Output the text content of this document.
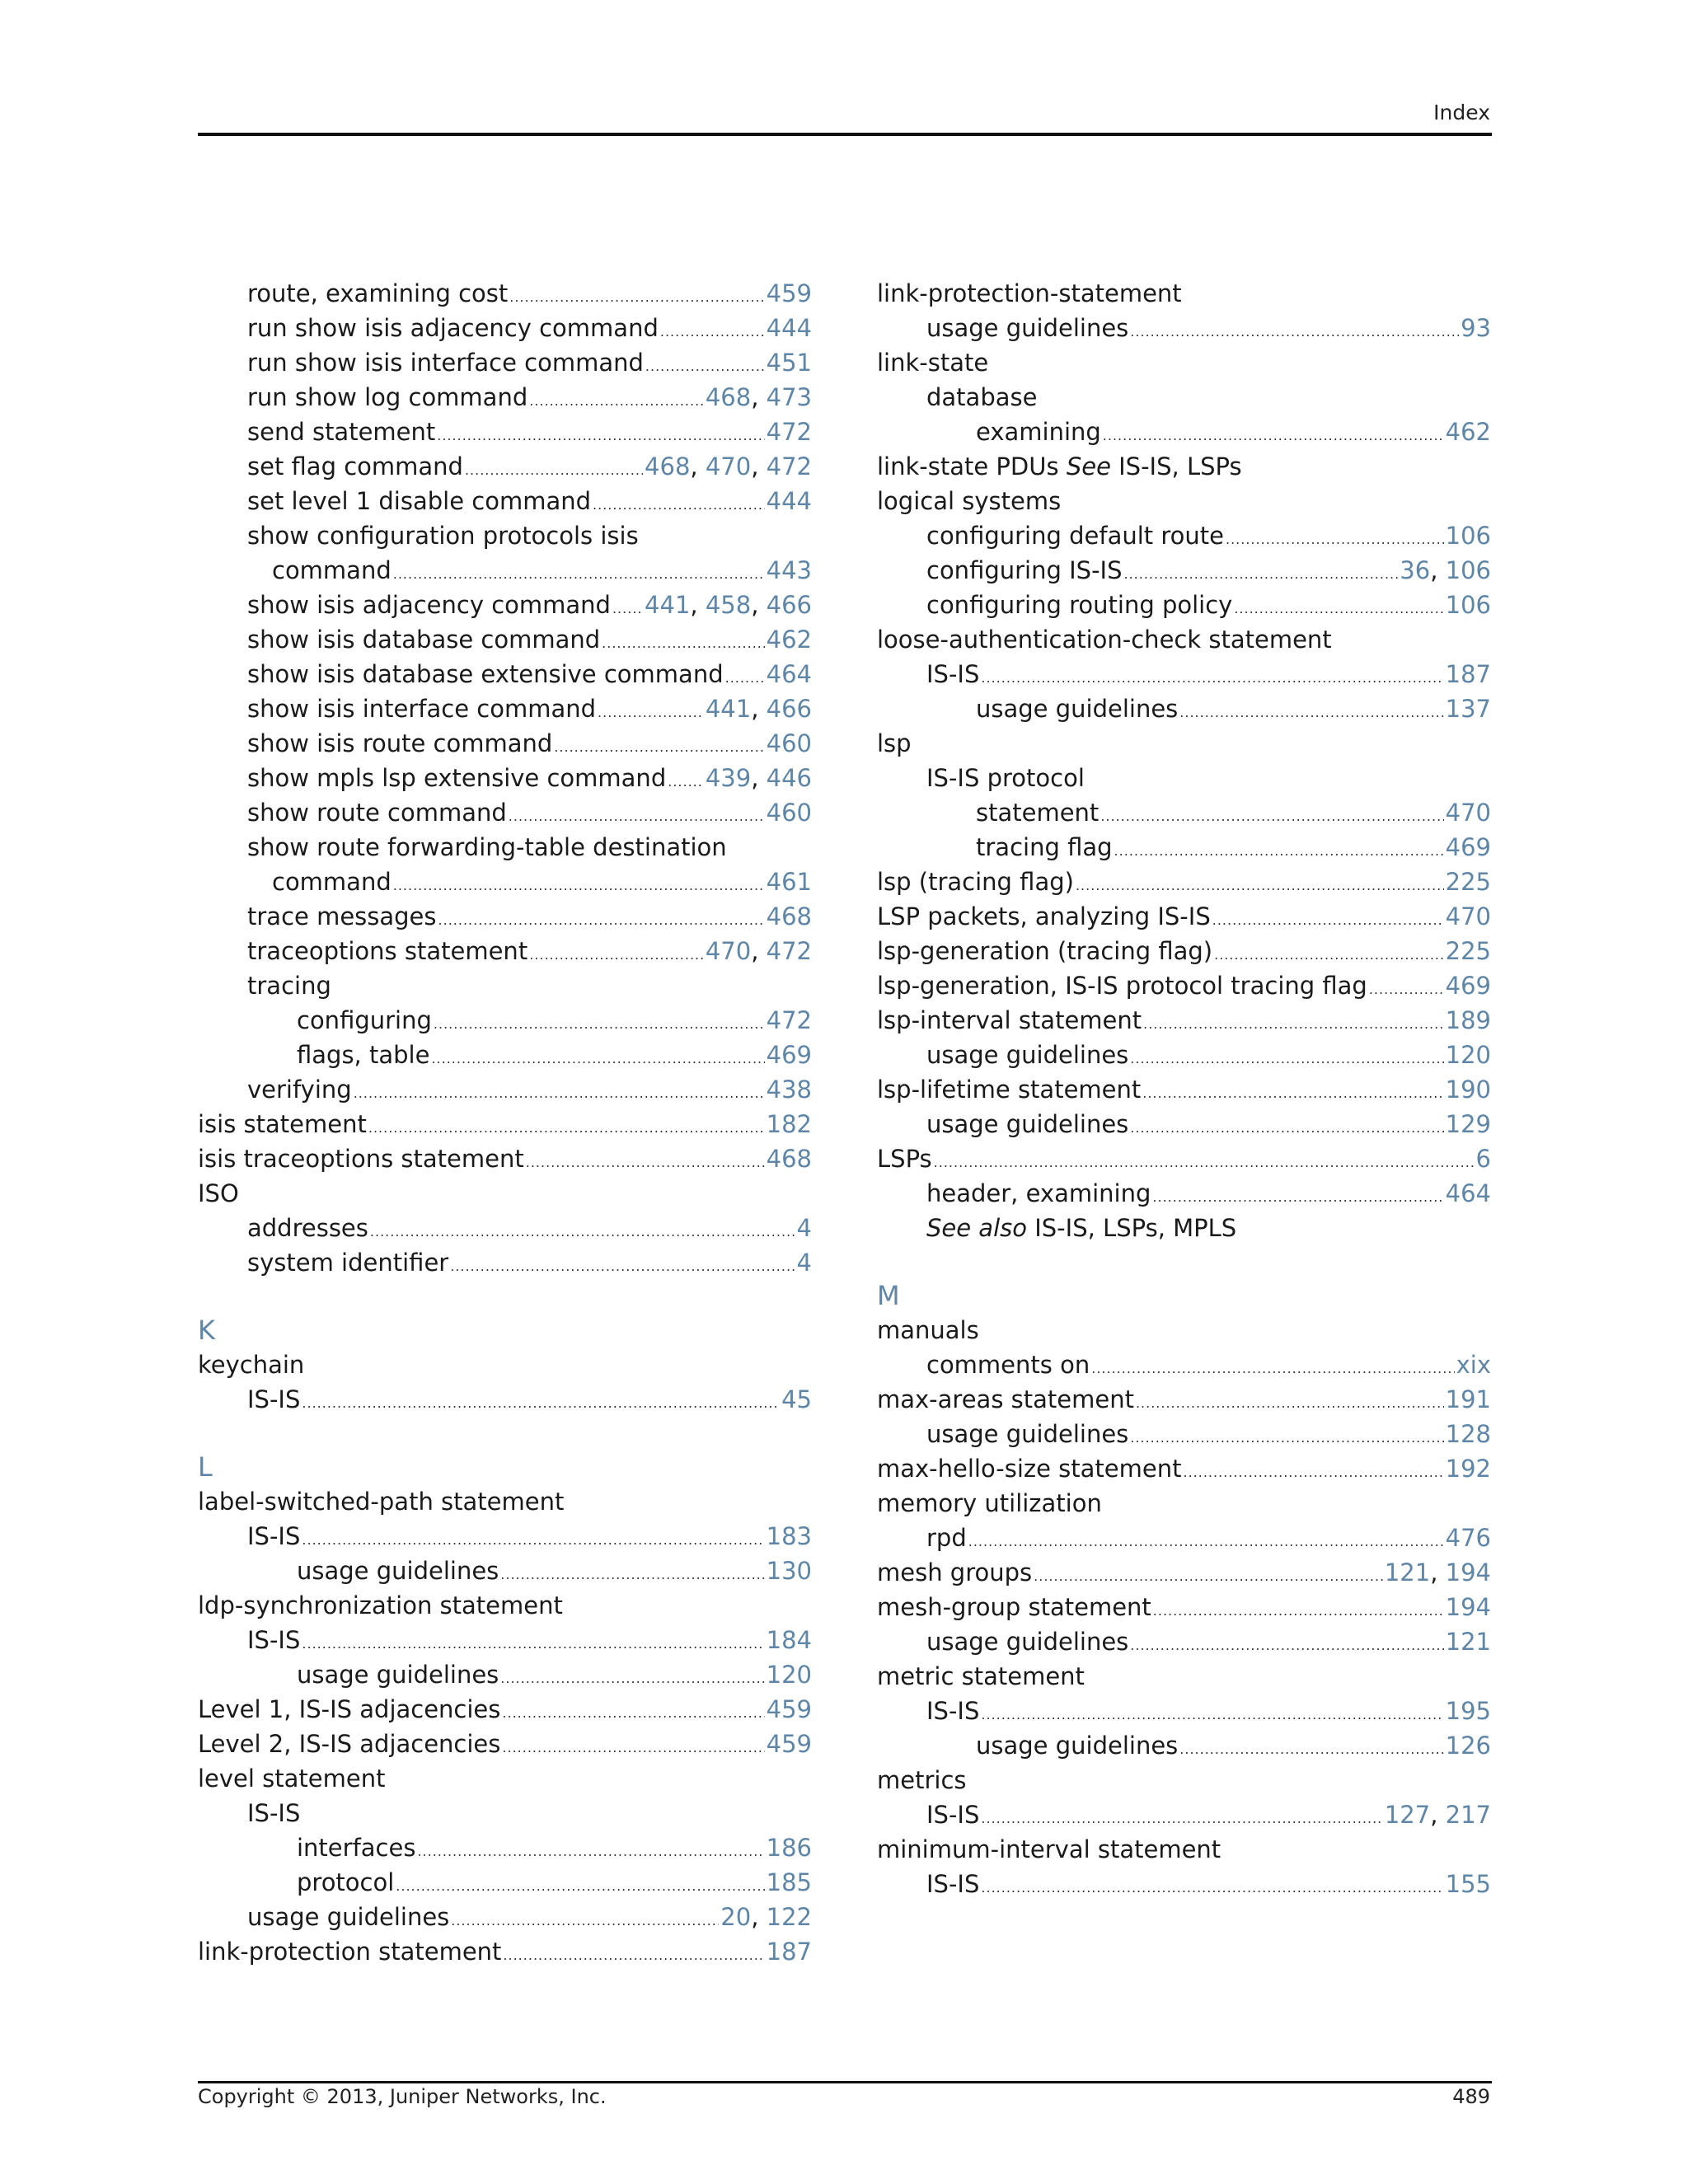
Index
route, examining cost .....	459
run show isis adjacency command .....	444
run show isis interface command .....	451
run show log command .....	468, 473
send statement .....	472
set flag command .....	468, 470, 472
set level 1 disable command .....	444
show configuration protocols isis
command .....	443
show isis adjacency command ..... 441, 458, 466
show isis database command .....	462
show isis database extensive command ..... 464
show isis interface command .....	441, 466
show isis route command .....	460
show mpls lsp extensive command ..... 439, 446
show route command .....	460
show route forwarding-table destination
command .....	461
trace messages .....	468
traceoptions statement .....	470, 472
tracing
configuring .....	472
flags, table .....	469
verifying .....	438
isis statement .....	182
isis traceoptions statement .....	468
ISO
addresses .....	4
system identifier .....	4
K
keychain
IS-IS .....	45
L
label-switched-path statement
IS-IS .....	183
usage guidelines .....	130
ldp-synchronization statement
IS-IS .....	184
usage guidelines .....	120
Level 1, IS-IS adjacencies .....	459
Level 2, IS-IS adjacencies .....	459
level statement
IS-IS
interfaces .....	186
protocol .....	185
usage guidelines .....	20, 122
link-protection statement .....	187
link-protection-statement
usage guidelines .....	93
link-state
database
examining .....	462
link-state PDUs See IS-IS, LSPs
logical systems
configuring default route .....	106
configuring IS-IS .....	36, 106
configuring routing policy .....	106
loose-authentication-check statement
IS-IS .....	187
usage guidelines .....	137
lsp
IS-IS protocol
statement .....	470
tracing flag .....	469
lsp (tracing flag) .....	225
LSP packets, analyzing IS-IS .....	470
lsp-generation (tracing flag) .....	225
lsp-generation, IS-IS protocol tracing flag .....	469
lsp-interval statement .....	189
usage guidelines .....	120
lsp-lifetime statement .....	190
usage guidelines .....	129
LSPs .....	6
header, examining .....	464
See also IS-IS, LSPs, MPLS
M
manuals
comments on .....	xix
max-areas statement .....	191
usage guidelines .....	128
max-hello-size statement .....	192
memory utilization
rpd .....	476
mesh groups .....	121, 194
mesh-group statement .....	194
usage guidelines .....	121
metric statement
IS-IS .....	195
usage guidelines .....	126
metrics
IS-IS .....	127, 217
minimum-interval statement
IS-IS .....	155
Copyright © 2013, Juniper Networks, Inc.	489
